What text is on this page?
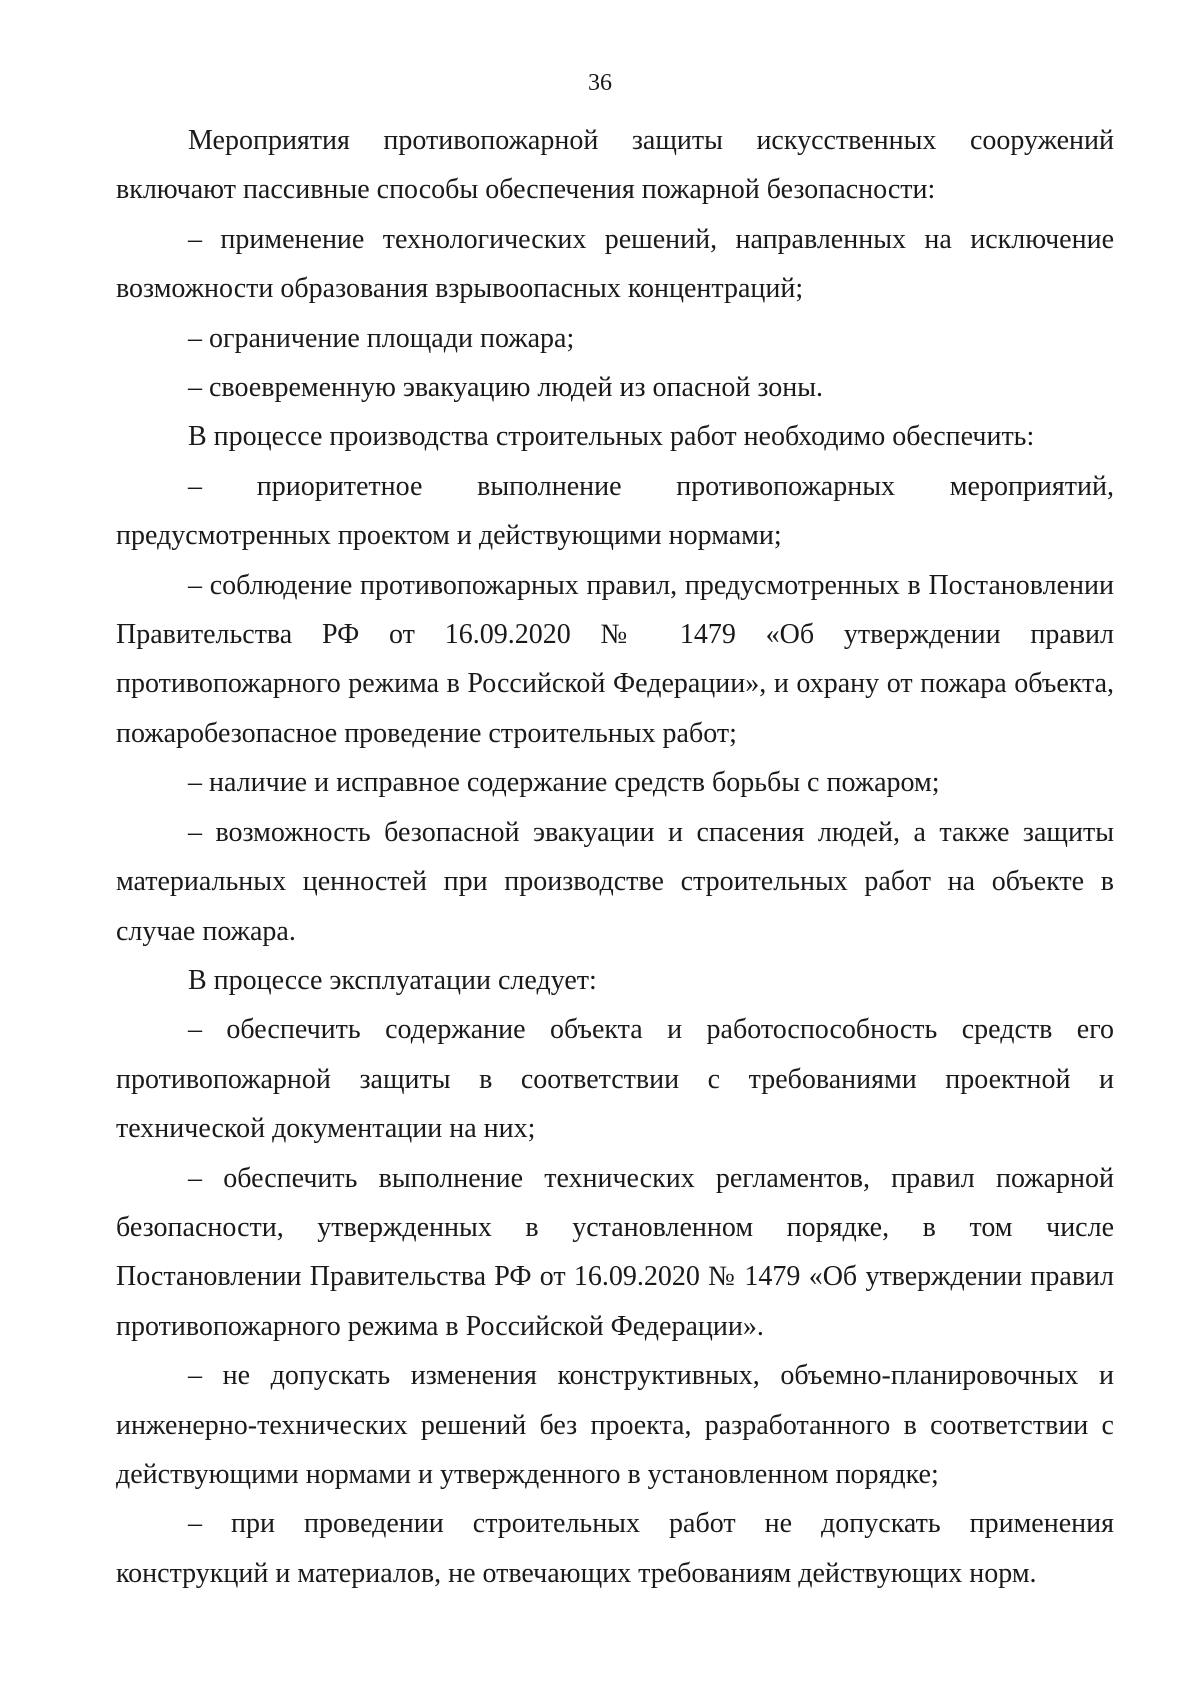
36

Мероприятия противопожарной защиты искусственных сооружений включают пассивные способы обеспечения пожарной безопасности:

– применение технологических решений, направленных на исключение возможности образования взрывоопасных концентраций;

– ограничение площади пожара;

– своевременную эвакуацию людей из опасной зоны.

В процессе производства строительных работ необходимо обеспечить:

– приоритетное выполнение противопожарных мероприятий, предусмотренных проектом и действующими нормами;

– соблюдение противопожарных правил, предусмотренных в Постановлении Правительства РФ от 16.09.2020 № 1479 «Об утверждении правил противопожарного режима в Российской Федерации», и охрану от пожара объекта, пожаробезопасное проведение строительных работ;

– наличие и исправное содержание средств борьбы с пожаром;

– возможность безопасной эвакуации и спасения людей, а также защиты материальных ценностей при производстве строительных работ на объекте в случае пожара.

В процессе эксплуатации следует:

– обеспечить содержание объекта и работоспособность средств его противопожарной защиты в соответствии с требованиями проектной и технической документации на них;

– обеспечить выполнение технических регламентов, правил пожарной безопасности, утвержденных в установленном порядке, в том числе Постановлении Правительства РФ от 16.09.2020 № 1479 «Об утверждении правил противопожарного режима в Российской Федерации».

– не допускать изменения конструктивных, объемно-планировочных и инженерно-технических решений без проекта, разработанного в соответствии с действующими нормами и утвержденного в установленном порядке;

– при проведении строительных работ не допускать применения конструкций и материалов, не отвечающих требованиям действующих норм.
